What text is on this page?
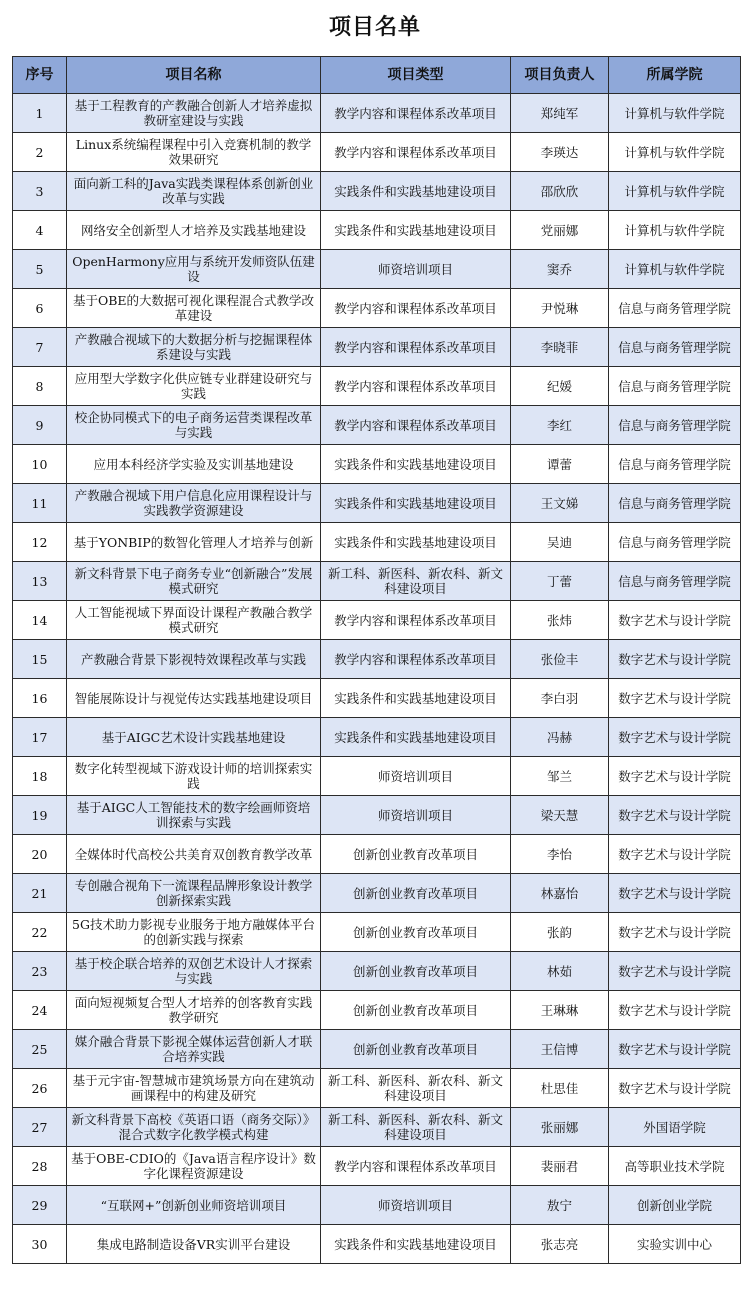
项目名单
序号	项目名称	项目类型	项目负责人	所属学院
1	基于工程教育的产教融合创新人才培养虚拟教研室建设与实践	教学内容和课程体系改革项目	郑纯军	计算机与软件学院
2	Linux系统编程课程中引入竞赛机制的教学效果研究	教学内容和课程体系改革项目	李瑛达	计算机与软件学院
3	面向新工科的Java实践类课程体系创新创业改革与实践	实践条件和实践基地建设项目	邵欣欣	计算机与软件学院
4	网络安全创新型人才培养及实践基地建设	实践条件和实践基地建设项目	党丽娜	计算机与软件学院
5	OpenHarmony应用与系统开发师资队伍建设	师资培训项目	窦乔	计算机与软件学院
6	基于OBE的大数据可视化课程混合式教学改革建设	教学内容和课程体系改革项目	尹悦琳	信息与商务管理学院
7	产教融合视域下的大数据分析与挖掘课程体系建设与实践	教学内容和课程体系改革项目	李晓菲	信息与商务管理学院
8	应用型大学数字化供应链专业群建设研究与实践	教学内容和课程体系改革项目	纪媛	信息与商务管理学院
9	校企协同模式下的电子商务运营类课程改革与实践	教学内容和课程体系改革项目	李红	信息与商务管理学院
10	应用本科经济学实验及实训基地建设	实践条件和实践基地建设项目	谭蕾	信息与商务管理学院
11	产教融合视域下用户信息化应用课程设计与实践教学资源建设	实践条件和实践基地建设项目	王文娣	信息与商务管理学院
12	基于YONBIP的数智化管理人才培养与创新	实践条件和实践基地建设项目	吴迪	信息与商务管理学院
13	新文科背景下电子商务专业“创新融合”发展模式研究	新工科、新医科、新农科、新文科建设项目	丁蕾	信息与商务管理学院
14	人工智能视域下界面设计课程产教融合教学模式研究	教学内容和课程体系改革项目	张炜	数字艺术与设计学院
15	产教融合背景下影视特效课程改革与实践	教学内容和课程体系改革项目	张俭丰	数字艺术与设计学院
16	智能展陈设计与视觉传达实践基地建设项目	实践条件和实践基地建设项目	李白羽	数字艺术与设计学院
17	基于AIGC艺术设计实践基地建设	实践条件和实践基地建设项目	冯赫	数字艺术与设计学院
18	数字化转型视域下游戏设计师的培训探索实践	师资培训项目	邹兰	数字艺术与设计学院
19	基于AIGC人工智能技术的数字绘画师资培训探索与实践	师资培训项目	梁天慧	数字艺术与设计学院
20	全媒体时代高校公共美育双创教育教学改革	创新创业教育改革项目	李怡	数字艺术与设计学院
21	专创融合视角下一流课程品牌形象设计教学创新探索实践	创新创业教育改革项目	林嘉怡	数字艺术与设计学院
22	5G技术助力影视专业服务于地方融媒体平台的创新实践与探索	创新创业教育改革项目	张韵	数字艺术与设计学院
23	基于校企联合培养的双创艺术设计人才探索与实践	创新创业教育改革项目	林茹	数字艺术与设计学院
24	面向短视频复合型人才培养的创客教育实践教学研究	创新创业教育改革项目	王琳琳	数字艺术与设计学院
25	媒介融合背景下影视全媒体运营创新人才联合培养实践	创新创业教育改革项目	王信博	数字艺术与设计学院
26	基于元宇宙-智慧城市建筑场景方向在建筑动画课程中的构建及研究	新工科、新医科、新农科、新文科建设项目	杜思佳	数字艺术与设计学院
27	新文科背景下高校《英语口语（商务交际）》混合式数字化教学模式构建	新工科、新医科、新农科、新文科建设项目	张丽娜	外国语学院
28	基于OBE-CDIO的《Java语言程序设计》数字化课程资源建设	教学内容和课程体系改革项目	裴丽君	高等职业技术学院
29	“互联网+”创新创业师资培训项目	师资培训项目	敖宁	创新创业学院
30	集成电路制造设备VR实训平台建设	实践条件和实践基地建设项目	张志亮	实验实训中心
